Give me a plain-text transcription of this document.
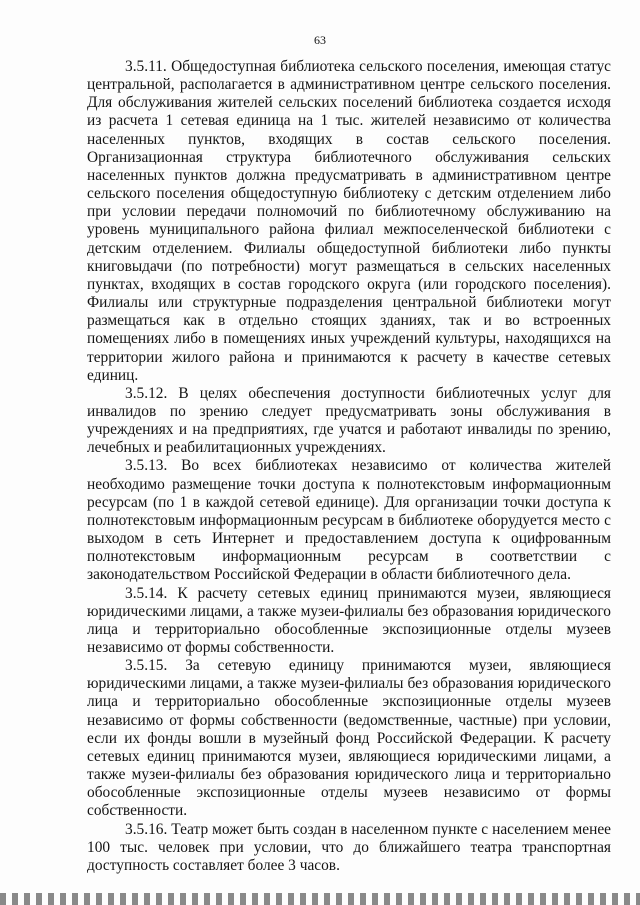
63

3.5.11. Общедоступная библиотека сельского поселения, имеющая статус центральной, располагается в административном центре сельского поселения. Для обслуживания жителей сельских поселений библиотека создается исходя из расчета 1 сетевая единица на 1 тыс. жителей независимо от количества населенных пунктов, входящих в состав сельского поселения. Организационная структура библиотечного обслуживания сельских населенных пунктов должна предусматривать в административном центре сельского поселения общедоступную библиотеку с детским отделением либо при условии передачи полномочий по библиотечному обслуживанию на уровень муниципального района филиал межпоселенческой библиотеки с детским отделением. Филиалы общедоступной библиотеки либо пункты книговыдачи (по потребности) могут размещаться в сельских населенных пунктах, входящих в состав городского округа (или городского поселения). Филиалы или структурные подразделения центральной библиотеки могут размещаться как в отдельно стоящих зданиях, так и во встроенных помещениях либо в помещениях иных учреждений культуры, находящихся на территории жилого района и принимаются к расчету в качестве сетевых единиц.

3.5.12. В целях обеспечения доступности библиотечных услуг для инвалидов по зрению следует предусматривать зоны обслуживания в учреждениях и на предприятиях, где учатся и работают инвалиды по зрению, лечебных и реабилитационных учреждениях.

3.5.13. Во всех библиотеках независимо от количества жителей необходимо размещение точки доступа к полнотекстовым информационным ресурсам (по 1 в каждой сетевой единице). Для организации точки доступа к полнотекстовым информационным ресурсам в библиотеке оборудуется место с выходом в сеть Интернет и предоставлением доступа к оцифрованным полнотекстовым информационным ресурсам в соответствии с законодательством Российской Федерации в области библиотечного дела.

3.5.14. К расчету сетевых единиц принимаются музеи, являющиеся юридическими лицами, а также музеи-филиалы без образования юридического лица и территориально обособленные экспозиционные отделы музеев независимо от формы собственности.

3.5.15. За сетевую единицу принимаются музеи, являющиеся юридическими лицами, а также музеи-филиалы без образования юридического лица и территориально обособленные экспозиционные отделы музеев независимо от формы собственности (ведомственные, частные) при условии, если их фонды вошли в музейный фонд Российской Федерации. К расчету сетевых единиц принимаются музеи, являющиеся юридическими лицами, а также музеи-филиалы без образования юридического лица и территориально обособленные экспозиционные отделы музеев независимо от формы собственности.

3.5.16. Театр может быть создан в населенном пункте с населением менее 100 тыс. человек при условии, что до ближайшего театра транспортная доступность составляет более 3 часов.
